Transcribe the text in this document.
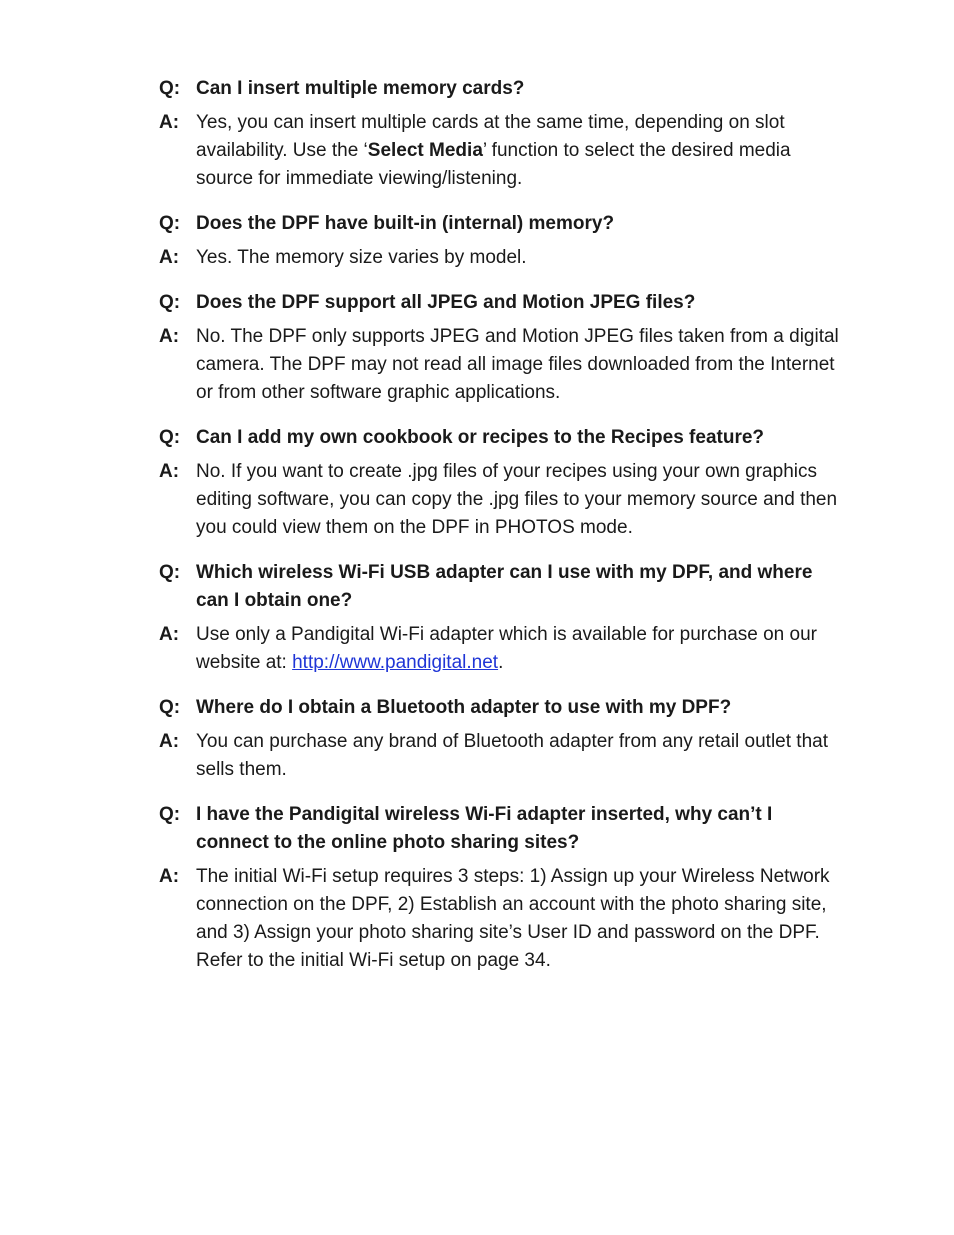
Q: Can I insert multiple memory cards?
A: Yes, you can insert multiple cards at the same time, depending on slot availability. Use the ‘Select Media’ function to select the desired media source for immediate viewing/listening.
Q: Does the DPF have built-in (internal) memory?
A: Yes. The memory size varies by model.
Q: Does the DPF support all JPEG and Motion JPEG files?
A: No. The DPF only supports JPEG and Motion JPEG files taken from a digital camera. The DPF may not read all image files downloaded from the Internet or from other software graphic applications.
Q: Can I add my own cookbook or recipes to the Recipes feature?
A: No. If you want to create .jpg files of your recipes using your own graphics editing software, you can copy the .jpg files to your memory source and then you could view them on the DPF in PHOTOS mode.
Q: Which wireless Wi-Fi USB adapter can I use with my DPF, and where can I obtain one?
A: Use only a Pandigital Wi-Fi adapter which is available for purchase on our website at: http://www.pandigital.net.
Q: Where do I obtain a Bluetooth adapter to use with my DPF?
A: You can purchase any brand of Bluetooth adapter from any retail outlet that sells them.
Q: I have the Pandigital wireless Wi-Fi adapter inserted, why can’t I connect to the online photo sharing sites?
A: The initial Wi-Fi setup requires 3 steps: 1) Assign up your Wireless Network connection on the DPF, 2) Establish an account with the photo sharing site, and 3) Assign your photo sharing site’s User ID and password on the DPF. Refer to the initial Wi-Fi setup on page 34.
